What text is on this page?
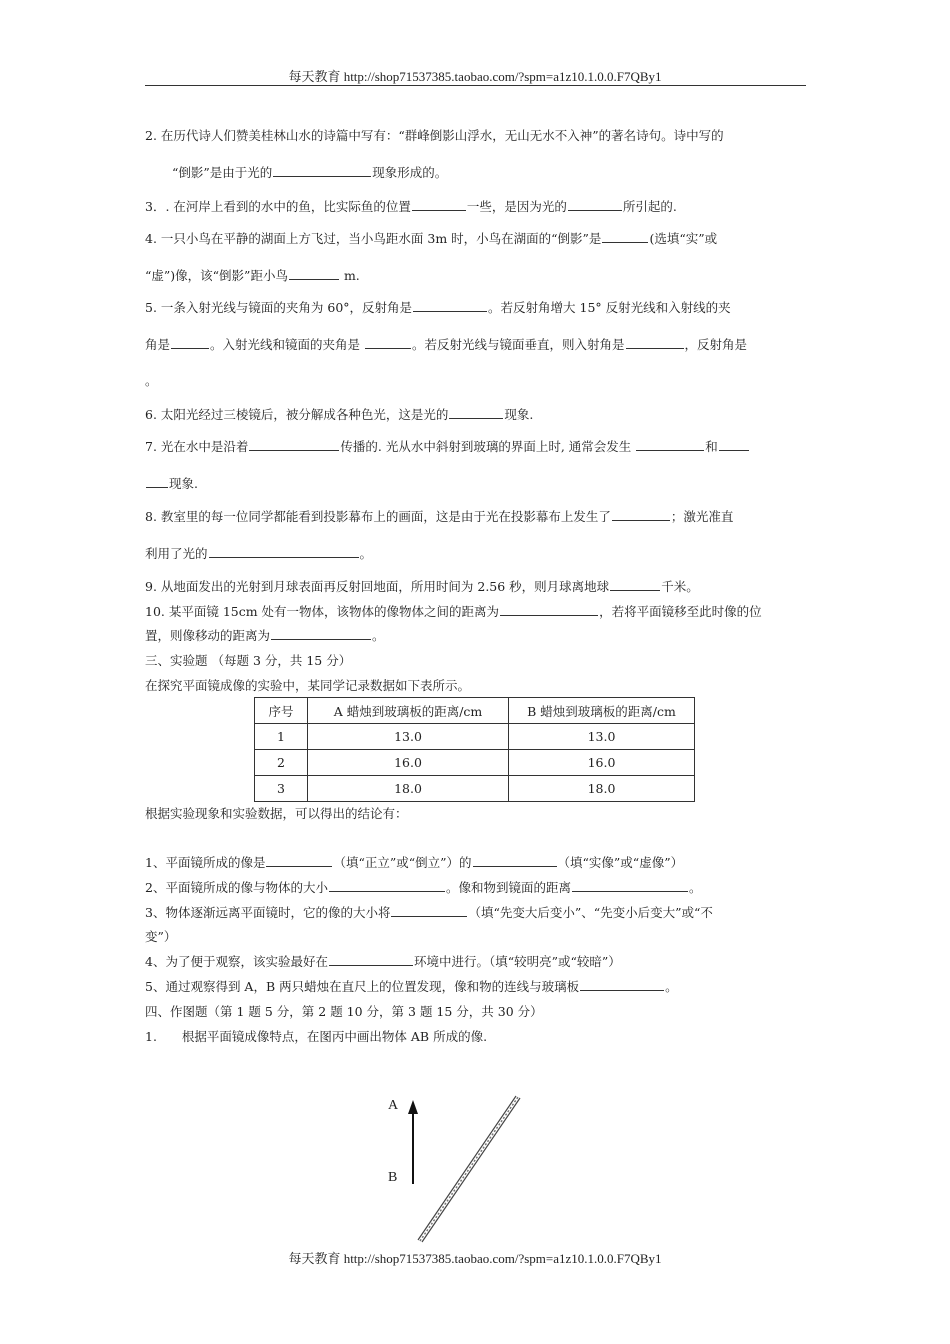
每天教育 http://shop71537385.taobao.com/?spm=a1z10.1.0.0.F7QBy1
2. 在历代诗人们赞美桂林山水的诗篇中写有：“群峰倒影山浮水，无山无水不入神”的著名诗句。诗中写的
“倒影”是由于光的	现象形成的。
3．. 在河岸上看到的水中的鱼，比实际鱼的位置	一些，是因为光的	所引起的.
4. 一只小鸟在平静的湖面上方飞过，当小鸟距水面 3m 时，小鸟在湖面的“倒影”是	(选填“实”或
“虚”)像，该“倒影”距小鸟	m.
5. 一条入射光线与镜面的夹角为 60°，反射角是	。若反射角增大 15° 反射光线和入射线的夹
角是	。入射光线和镜面的夹角是	。若反射光线与镜面垂直，则入射角是	，反射角是
。
6. 太阳光经过三棱镜后，被分解成各种色光，这是光的	现象.
7. 光在水中是沿着	传播的. 光从水中斜射到玻璃的界面上时, 通常会发生	和
现象.
8. 教室里的每一位同学都能看到投影幕布上的画面，这是由于光在投影幕布上发生了	；激光准直
利用了光的	。
9. 从地面发出的光射到月球表面再反射回地面，所用时间为 2.56 秒，则月球离地球	千米。
10. 某平面镜 15cm 处有一物体，该物体的像物体之间的距离为	，若将平面镜移至此时像的位
置，则像移动的距离为	。
三、实验题 （每题 3 分，共 15 分）
在探究平面镜成像的实验中，某同学记录数据如下表所示。
序号	A 蜡烛到玻璃板的距离/cm	B 蜡烛到玻璃板的距离/cm
1	13.0	13.0
2	16.0	16.0
3	18.0	18.0
根据实验现象和实验数据，可以得出的结论有：
1、平面镜所成的像是	（填“正立”或“倒立”）的	（填“实像”或“虚像”）
2、平面镜所成的像与物体的大小	。像和物到镜面的距离	。
3、物体逐渐远离平面镜时，它的像的大小将	（填“先变大后变小”、“先变小后变大”或“不
变”）
4、为了便于观察，该实验最好在	环境中进行。（填“较明亮”或“较暗”）
5、通过观察得到 A，B 两只蜡烛在直尺上的位置发现，像和物的连线与玻璃板	。
四、作图题（第 1 题 5 分，第 2 题 10 分，第 3 题 15 分，共 30 分）
1.　　根据平面镜成像特点，在图丙中画出物体 AB 所成的像.
A
B
每天教育 http://shop71537385.taobao.com/?spm=a1z10.1.0.0.F7QBy1
